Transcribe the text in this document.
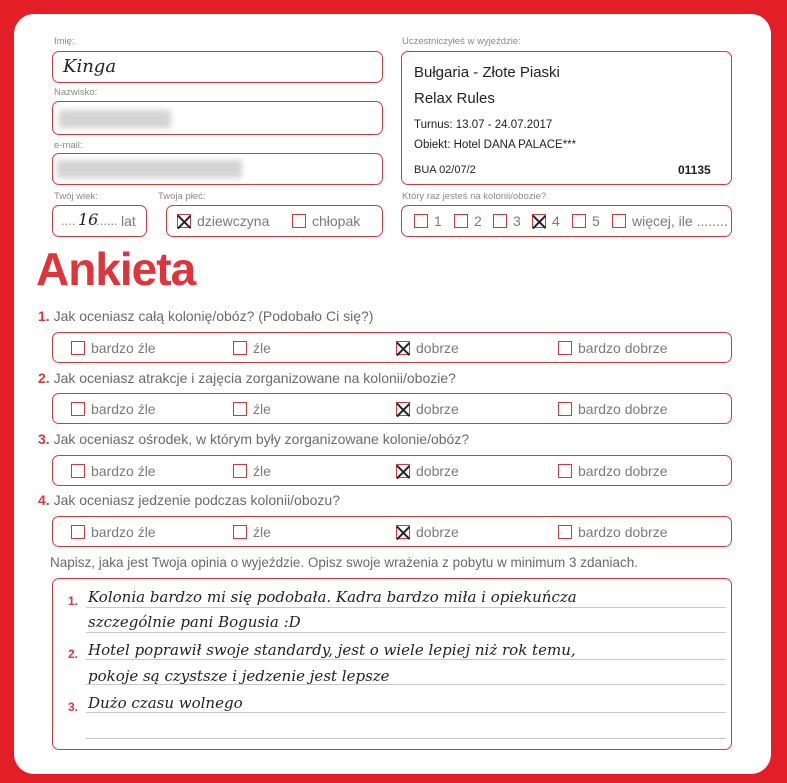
Imię:
Kinga
Nazwisko:
e-mail:
Twój wiek:
.... 16
...... lat
Twoja płeć:
dziewczyna	chłopak
Uczestniczyłeś w wyjeździe:
Bułgaria - Złote Piaski
Relax Rules
Turnus: 13.07 - 24.07.2017
Obiekt: Hotel DANA PALACE***
BUA 02/07/2	01135
Który raz jesteś na kolonii/obozie?
1 2 3 4 5 więcej, ile ........
Ankieta
1. Jak oceniasz całą kolonię/obóz? (Podobało Ci się?)
bardzo źle	źle	dobrze	bardzo dobrze
2. Jak oceniasz atrakcje i zajęcia zorganizowane na kolonii/obozie?
bardzo źle	źle	dobrze	bardzo dobrze
3. Jak oceniasz ośrodek, w którym były zorganizowane kolonie/obóz?
bardzo źle	źle	dobrze	bardzo dobrze
4. Jak oceniasz jedzenie podczas kolonii/obozu?
bardzo źle	źle	dobrze	bardzo dobrze
Napisz, jaka jest Twoja opinia o wyjeździe. Opisz swoje wrażenia z pobytu w minimum 3 zdaniach.
1.
2.
3.
Kolonia bardzo mi się podobała. Kadra bardzo miła i opiekuńcza
szczególnie pani Bogusia :D
Hotel poprawił swoje standardy, jest o wiele lepiej niż rok temu,
pokoje są czystsze i jedzenie jest lepsze
Dużo czasu wolnego
